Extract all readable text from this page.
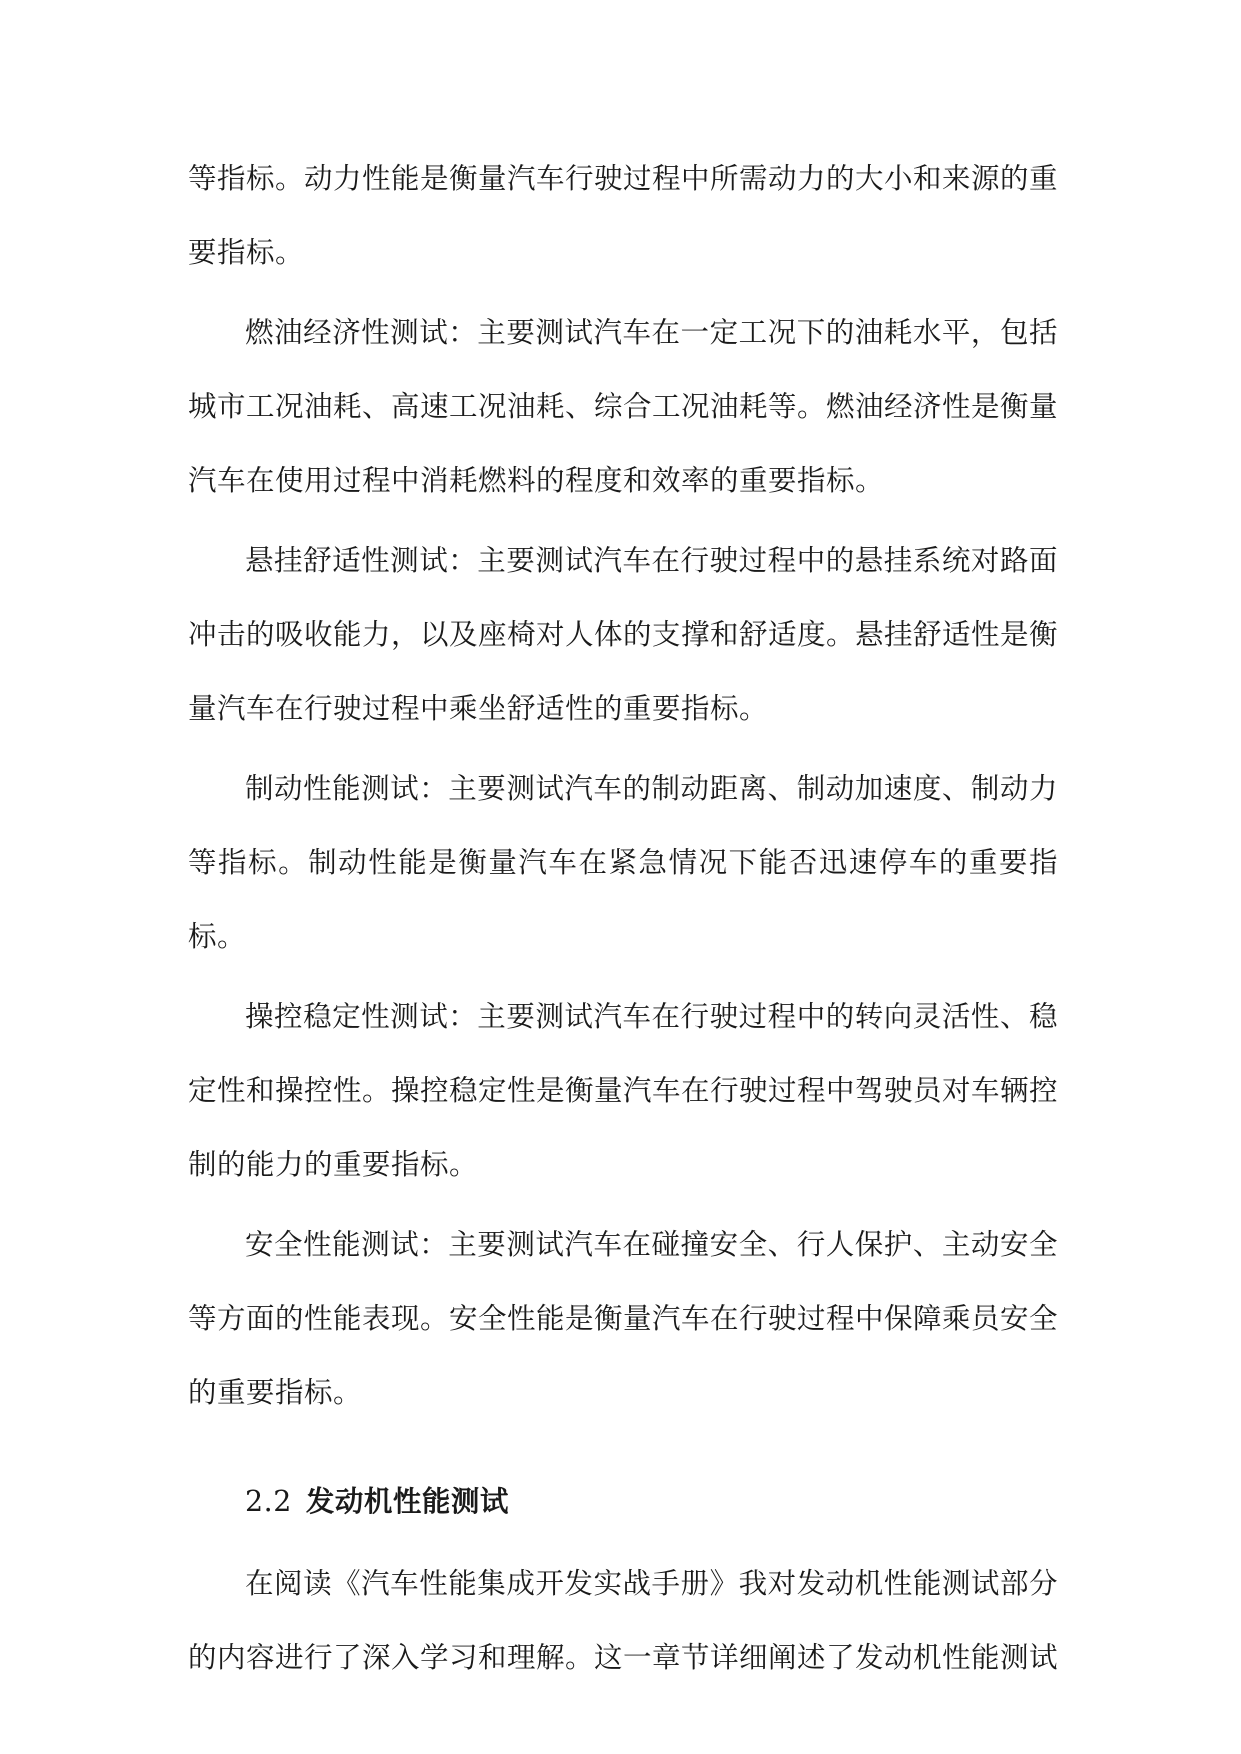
等指标。动力性能是衡量汽车行驶过程中所需动力的大小和来源的重要指标。

燃油经济性测试：主要测试汽车在一定工况下的油耗水平，包括城市工况油耗、高速工况油耗、综合工况油耗等。燃油经济性是衡量汽车在使用过程中消耗燃料的程度和效率的重要指标。

悬挂舒适性测试：主要测试汽车在行驶过程中的悬挂系统对路面冲击的吸收能力，以及座椅对人体的支撑和舒适度。悬挂舒适性是衡量汽车在行驶过程中乘坐舒适性的重要指标。

制动性能测试：主要测试汽车的制动距离、制动加速度、制动力等指标。制动性能是衡量汽车在紧急情况下能否迅速停车的重要指标。

操控稳定性测试：主要测试汽车在行驶过程中的转向灵活性、稳定性和操控性。操控稳定性是衡量汽车在行驶过程中驾驶员对车辆控制的能力的重要指标。

安全性能测试：主要测试汽车在碰撞安全、行人保护、主动安全等方面的性能表现。安全性能是衡量汽车在行驶过程中保障乘员安全的重要指标。

2.2 发动机性能测试

在阅读《汽车性能集成开发实战手册》我对发动机性能测试部分的内容进行了深入学习和理解。这一章节详细阐述了发动机性能测试
